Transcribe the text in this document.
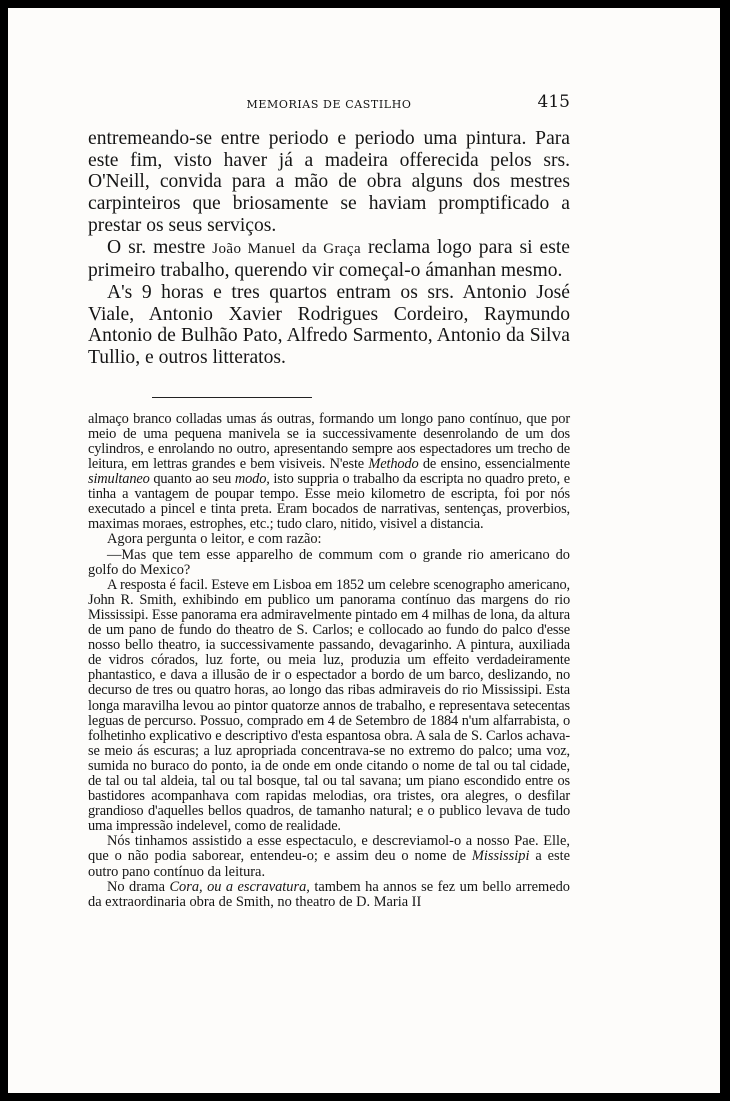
MEMORIAS DE CASTILHO	415

entremeando-se entre periodo e periodo uma pintura. Para este fim, visto haver já a madeira offerecida pelos srs. O'Neill, convida para a mão de obra alguns dos mestres carpinteiros que briosamente se haviam promptificado a prestar os seus serviços.

O sr. mestre João Manuel da Graça reclama logo para si este primeiro trabalho, querendo vir começal-o ámanhan mesmo.

A's 9 horas e tres quartos entram os srs. Antonio José Viale, Antonio Xavier Rodrigues Cordeiro, Raymundo Antonio de Bulhão Pato, Alfredo Sarmento, Antonio da Silva Tullio, e outros litteratos.

almaço branco colladas umas ás outras, formando um longo pano contínuo, que por meio de uma pequena manivela se ia successivamente desenrolando de um dos cylindros, e enrolando no outro, apresentando sempre aos espectadores um trecho de leitura, em lettras grandes e bem visiveis. N'este Methodo de ensino, essencialmente simultaneo quanto ao seu modo, isto suppria o trabalho da escripta no quadro preto, e tinha a vantagem de poupar tempo. Esse meio kilometro de escripta, foi por nós executado a pincel e tinta preta. Eram bocados de narrativas, sentenças, proverbios, maximas moraes, estrophes, etc.; tudo claro, nitido, visivel a distancia.

Agora pergunta o leitor, e com razão:

—Mas que tem esse apparelho de commum com o grande rio americano do golfo do Mexico?

A resposta é facil. Esteve em Lisboa em 1852 um celebre scenographo americano, John R. Smith, exhibindo em publico um panorama contínuo das margens do rio Mississipi. Esse panorama era admiravelmente pintado em 4 milhas de lona, da altura de um pano de fundo do theatro de S. Carlos; e collocado ao fundo do palco d'esse nosso bello theatro, ia successivamente passando, devagarinho. A pintura, auxiliada de vidros córados, luz forte, ou meia luz, produzia um effeito verdadeiramente phantastico, e dava a illusão de ir o espectador a bordo de um barco, deslizando, no decurso de tres ou quatro horas, ao longo das ribas admiraveis do rio Mississipi. Esta longa maravilha levou ao pintor quatorze annos de trabalho, e representava setecentas leguas de percurso. Possuo, comprado em 4 de Setembro de 1884 n'um alfarrabista, o folhetinho explicativo e descriptivo d'esta espantosa obra. A sala de S. Carlos achava-se meio ás escuras; a luz apropriada concentrava-se no extremo do palco; uma voz, sumida no buraco do ponto, ia de onde em onde citando o nome de tal ou tal cidade, de tal ou tal aldeia, tal ou tal bosque, tal ou tal savana; um piano escondido entre os bastidores acompanhava com rapidas melodias, ora tristes, ora alegres, o desfilar grandioso d'aquelles bellos quadros, de tamanho natural; e o publico levava de tudo uma impressão indelevel, como de realidade.

Nós tinhamos assistido a esse espectaculo, e descreviamol-o a nosso Pae. Elle, que o não podia saborear, entendeu-o; e assim deu o nome de Mississipi a este outro pano contínuo da leitura.

No drama Cora, ou a escravatura, tambem ha annos se fez um bello arremedo da extraordinaria obra de Smith, no theatro de D. Maria II
